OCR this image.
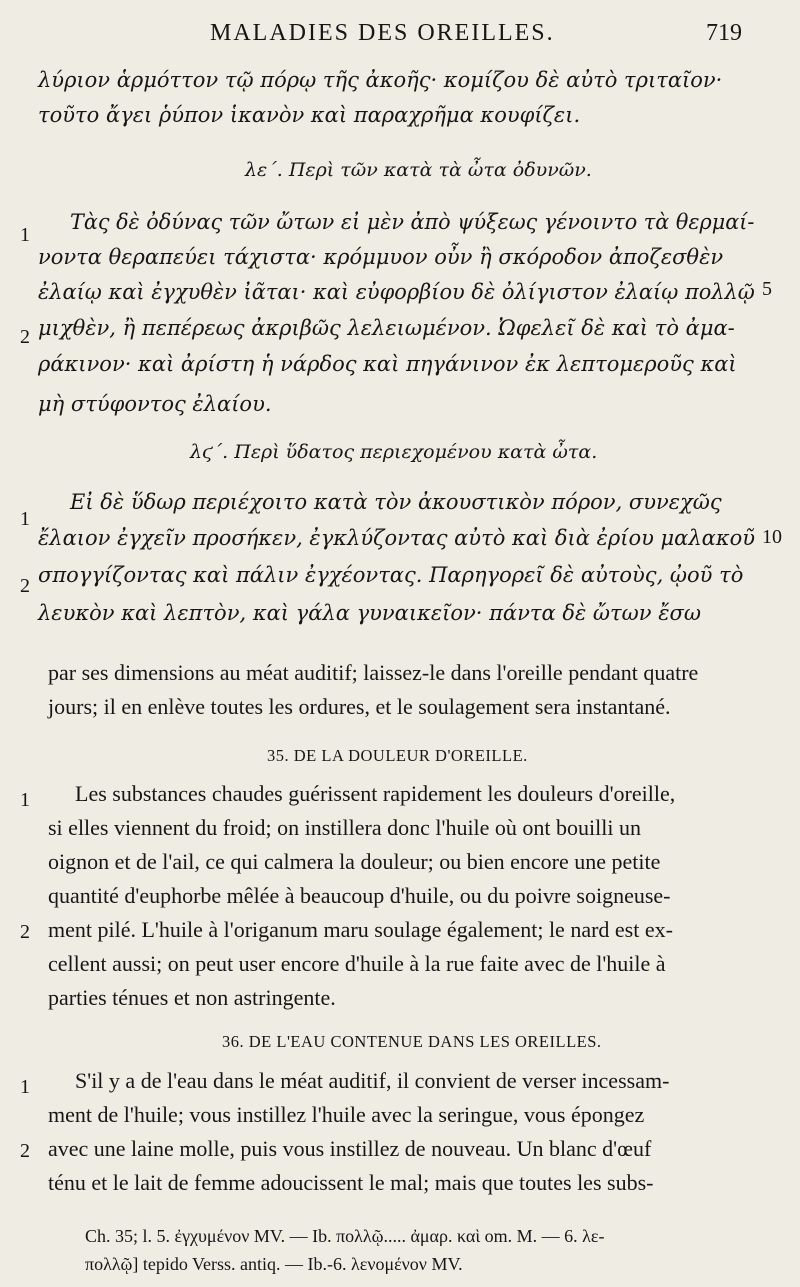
MALADIES DES OREILLES.	719
λύριον ἁρμόττον τῷ πόρῳ τῆς ἀκοῆς· κομίζου δὲ αὐτὸ τριταῖον·
τοῦτο ἄγει ῥύπον ἱκανὸν καὶ παραχρῆμα κουφίζει.
λε΄. Περὶ τῶν κατὰ τὰ ὦτα ὀδυνῶν.
1
Τὰς δὲ ὀδύνας τῶν ὤτων εἰ μὲν ἀπὸ ψύξεως γένοιντο τὰ θερμαί-
νοντα θεραπεύει τάχιστα· κρόμμυον οὖν ἢ σκόροδον ἀποζεσθὲν
ἐλαίῳ καὶ ἐγχυθὲν ἰᾶται· καὶ εὐφορβίου δὲ ὀλίγιστον ἐλαίῳ πολλῷ 5
2 μιχθὲν, ἢ πεπέρεως ἀκριβῶς λελειωμένον. Ὠφελεῖ δὲ καὶ τὸ ἀμα-
ράκινον· καὶ ἀρίστη ἡ νάρδος καὶ πηγάνινον ἐκ λεπτομεροῦς καὶ
μὴ στύφοντος ἐλαίου.
λϛ΄. Περὶ ὕδατος περιεχομένου κατὰ ὦτα.
1
Εἰ δὲ ὕδωρ περιέχοιτο κατὰ τὸν ἀκουστικὸν πόρον, συνεχῶς
ἔλαιον ἐγχεῖν προσήκεν, ἐγκλύζοντας αὐτὸ καὶ διὰ ἐρίου μαλακοῦ 10
2 σπογγίζοντας καὶ πάλιν ἐγχέοντας. Παρηγορεῖ δὲ αὐτοὺς, ᾠοῦ τὸ
λευκὸν καὶ λεπτὸν, καὶ γάλα γυναικεῖον· πάντα δὲ ὤτων ἔσω
par ses dimensions au méat auditif; laissez-le dans l'oreille pendant quatre
jours; il en enlève toutes les ordures, et le soulagement sera instantané.
35. DE LA DOULEUR D'OREILLE.
1 Les substances chaudes guérissent rapidement les douleurs d'oreille,
si elles viennent du froid; on instillera donc l'huile où ont bouilli un
oignon et de l'ail, ce qui calmera la douleur; ou bien encore une petite
quantité d'euphorbe mêlée à beaucoup d'huile, ou du poivre soigneuse-
2 ment pilé. L'huile à l'origanum maru soulage également; le nard est ex-
cellent aussi; on peut user encore d'huile à la rue faite avec de l'huile à
parties ténues et non astringente.
36. DE L'EAU CONTENUE DANS LES OREILLES.
1 S'il y a de l'eau dans le méat auditif, il convient de verser incessam-
ment de l'huile; vous instillez l'huile avec la seringue, vous épongez
2 avec une laine molle, puis vous instillez de nouveau. Un blanc d'œuf
ténu et le lait de femme adoucissent le mal; mais que toutes les subs-
Ch. 35; l. 5. ἐγχυμένον MV. — Ib. πολλῷ..... ἀμαρ. καὶ om. M. — 6. λε-
πολλῷ] tepido Verss. antiq. — Ib.-6. λενομένον MV.
